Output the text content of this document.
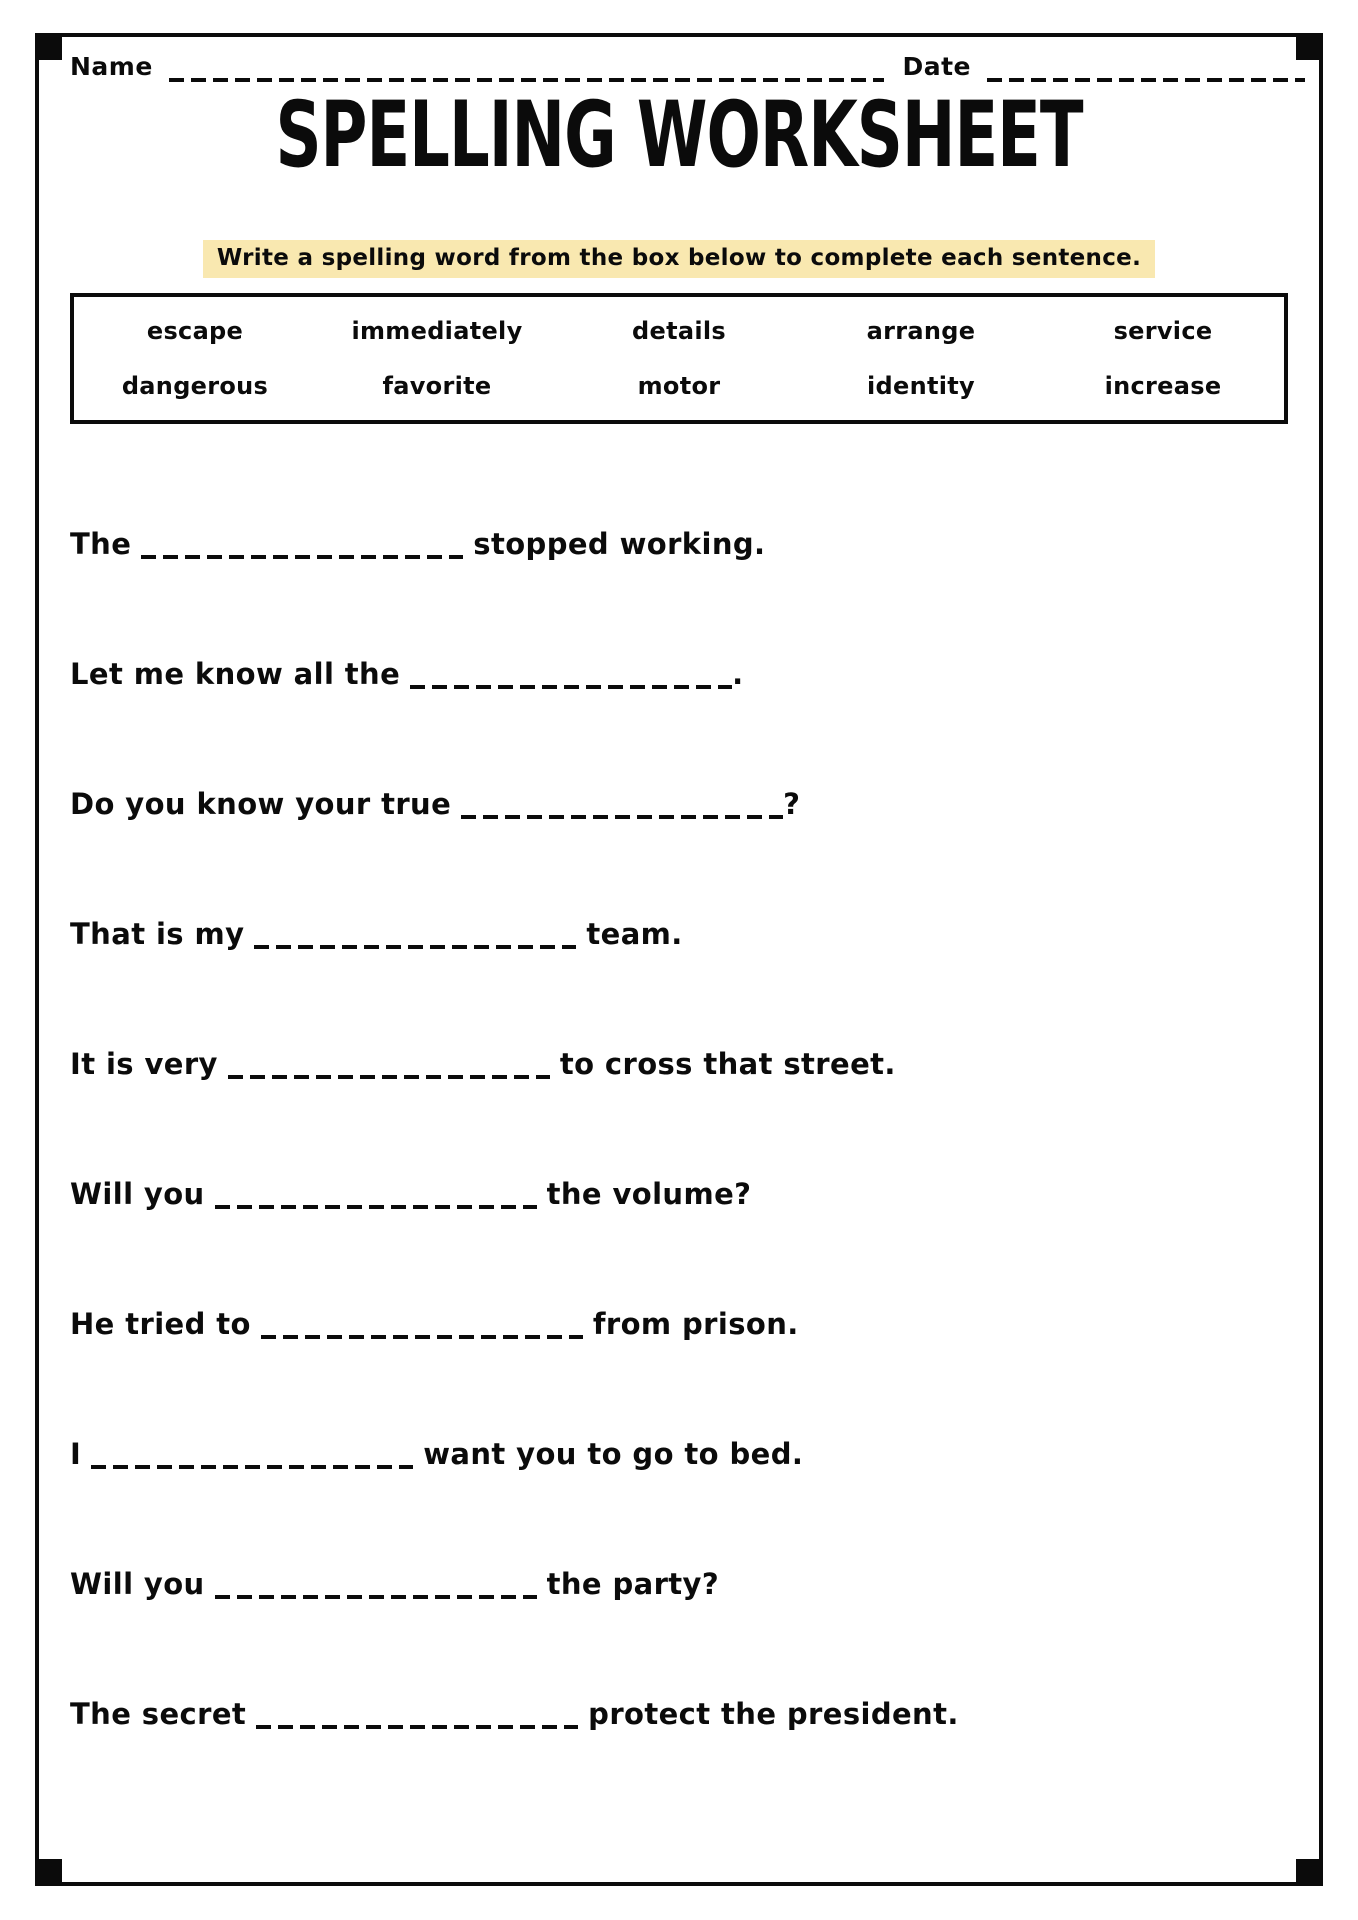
Name	Date
SPELLING WORKSHEET
Write a spelling word from the box below to complete each sentence.
escape	immediately	details	arrange	service
dangerous	favorite	motor	identity	increase
The	stopped working.
Let me know all the	.
Do you know your true	?
That is my	team.
It is very	to cross that street.
Will you	the volume?
He tried to	from prison.
I	want you to go to bed.
Will you	the party?
The secret	protect the president.
